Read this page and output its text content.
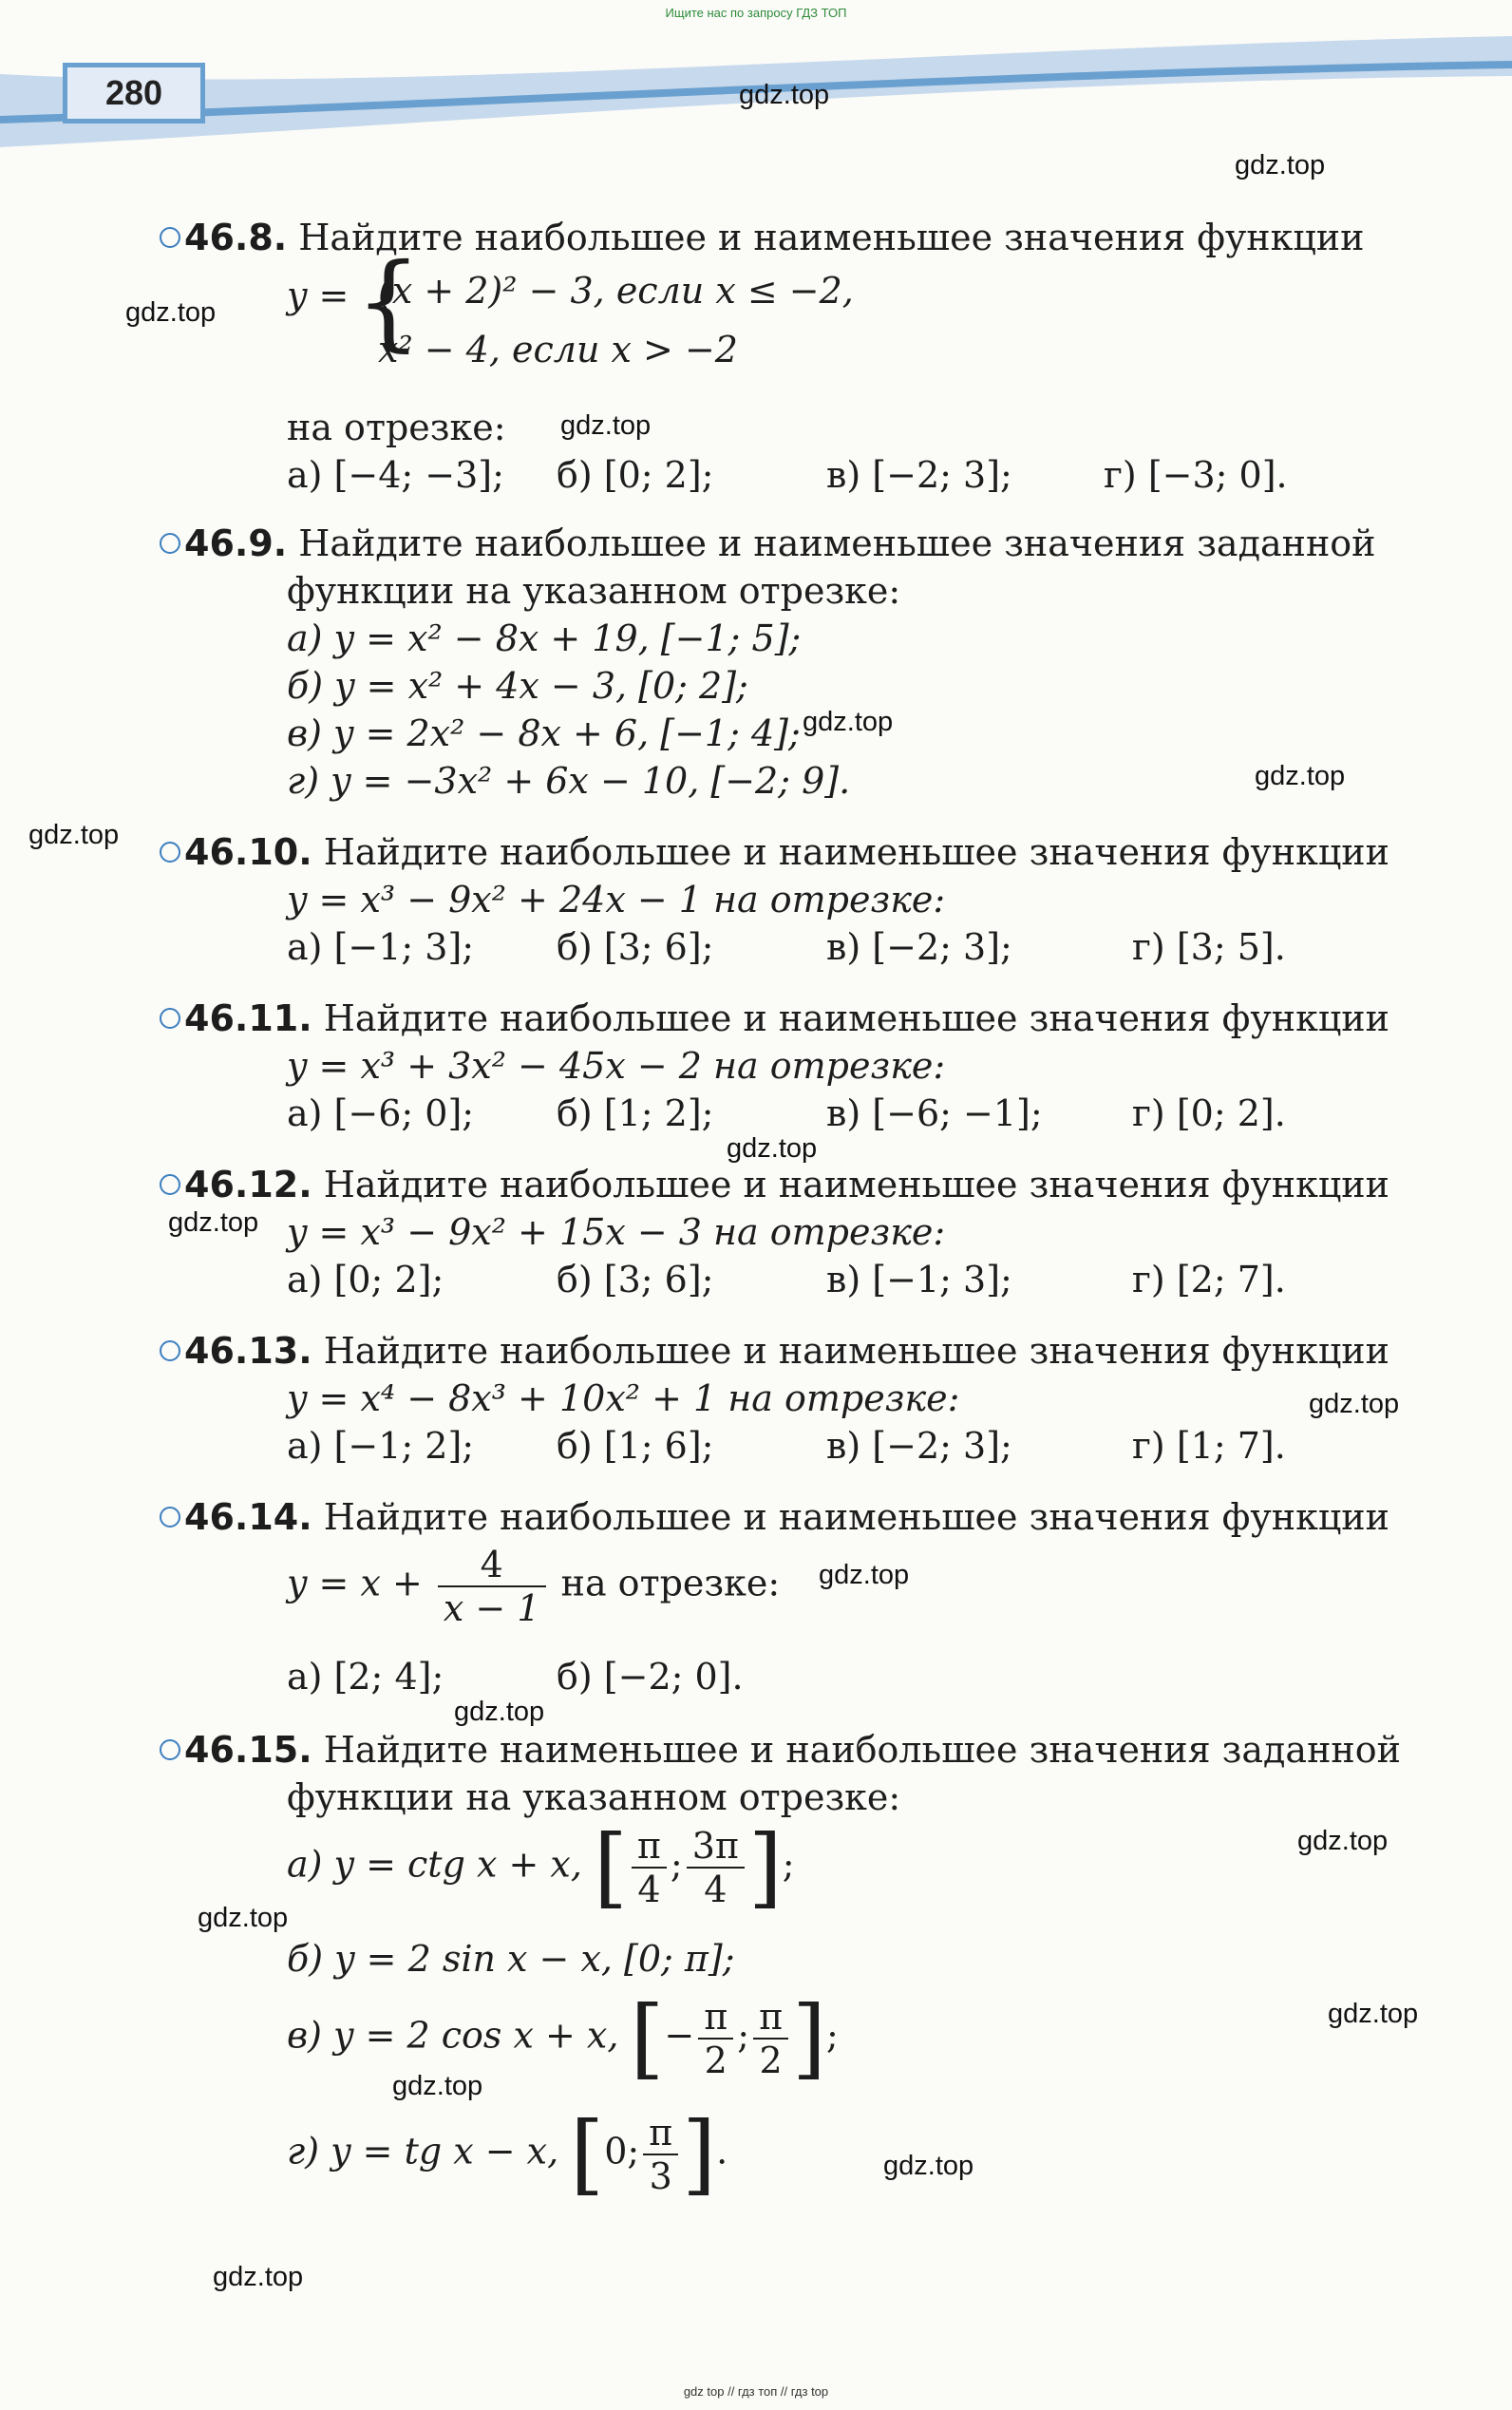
Ищите нас по запросу ГДЗ ТОП
280	gdz.top
gdz.top
gdz.top
gdz.top
gdz.top
gdz.top
gdz.top
gdz.top
gdz.top
gdz.top
gdz.top
gdz.top
gdz.top
gdz.top
gdz.top
gdz.top
gdz.top
gdz.top
46.8. Найдите наибольшее и наименьшее значения функции
y = {
(x + 2)² − 3, если x ≤ −2,
x² − 4, если x > −2
на отрезке:
а) [−4; −3]; б) [0; 2];	в) [−2; 3];	г) [−3; 0].
46.9. Найдите наибольшее и наименьшее значения заданной
функции на указанном отрезке:
а) y = x² − 8x + 19, [−1; 5];
б) y = x² + 4x − 3, [0; 2];
в) y = 2x² − 8x + 6, [−1; 4];
г) y = −3x² + 6x − 10, [−2; 9].
46.10. Найдите наибольшее и наименьшее значения функции
y = x³ − 9x² + 24x − 1 на отрезке:
а) [−1; 3]; б) [3; 6];	в) [−2; 3];	г) [3; 5].
46.11. Найдите наибольшее и наименьшее значения функции
y = x³ + 3x² − 45x − 2 на отрезке:
а) [−6; 0]; б) [1; 2];	в) [−6; −1]; г) [0; 2].
46.12. Найдите наибольшее и наименьшее значения функции
y = x³ − 9x² + 15x − 3 на отрезке:
а) [0; 2];	б) [3; 6];	в) [−1; 3];	г) [2; 7].
46.13. Найдите наибольшее и наименьшее значения функции
y = x⁴ − 8x³ + 10x² + 1 на отрезке:
а) [−1; 2]; б) [1; 6];	в) [−2; 3];	г) [1; 7].
46.14. Найдите наибольшее и наименьшее значения функции
$y = x + \frac{4}{x - 1}$ на отрезке:
а) [2; 4];	б) [−2; 0].
46.15. Найдите наименьшее и наибольшее значения заданной
функции на указанном отрезке:
а) y = ctg x + x, [ $\frac{\pi}{4}$ ; $\frac{3\pi}{4}$ ];
б) y = 2 sin x − x, [0; π];
в) y = 2 cos x + x, [− $\frac{\pi}{2}$ ; $\frac{\pi}{2}$ ];
г) y = tg x − x, [0; $\frac{\pi}{3}$ ].
gdz top // гдз топ // гдз top
